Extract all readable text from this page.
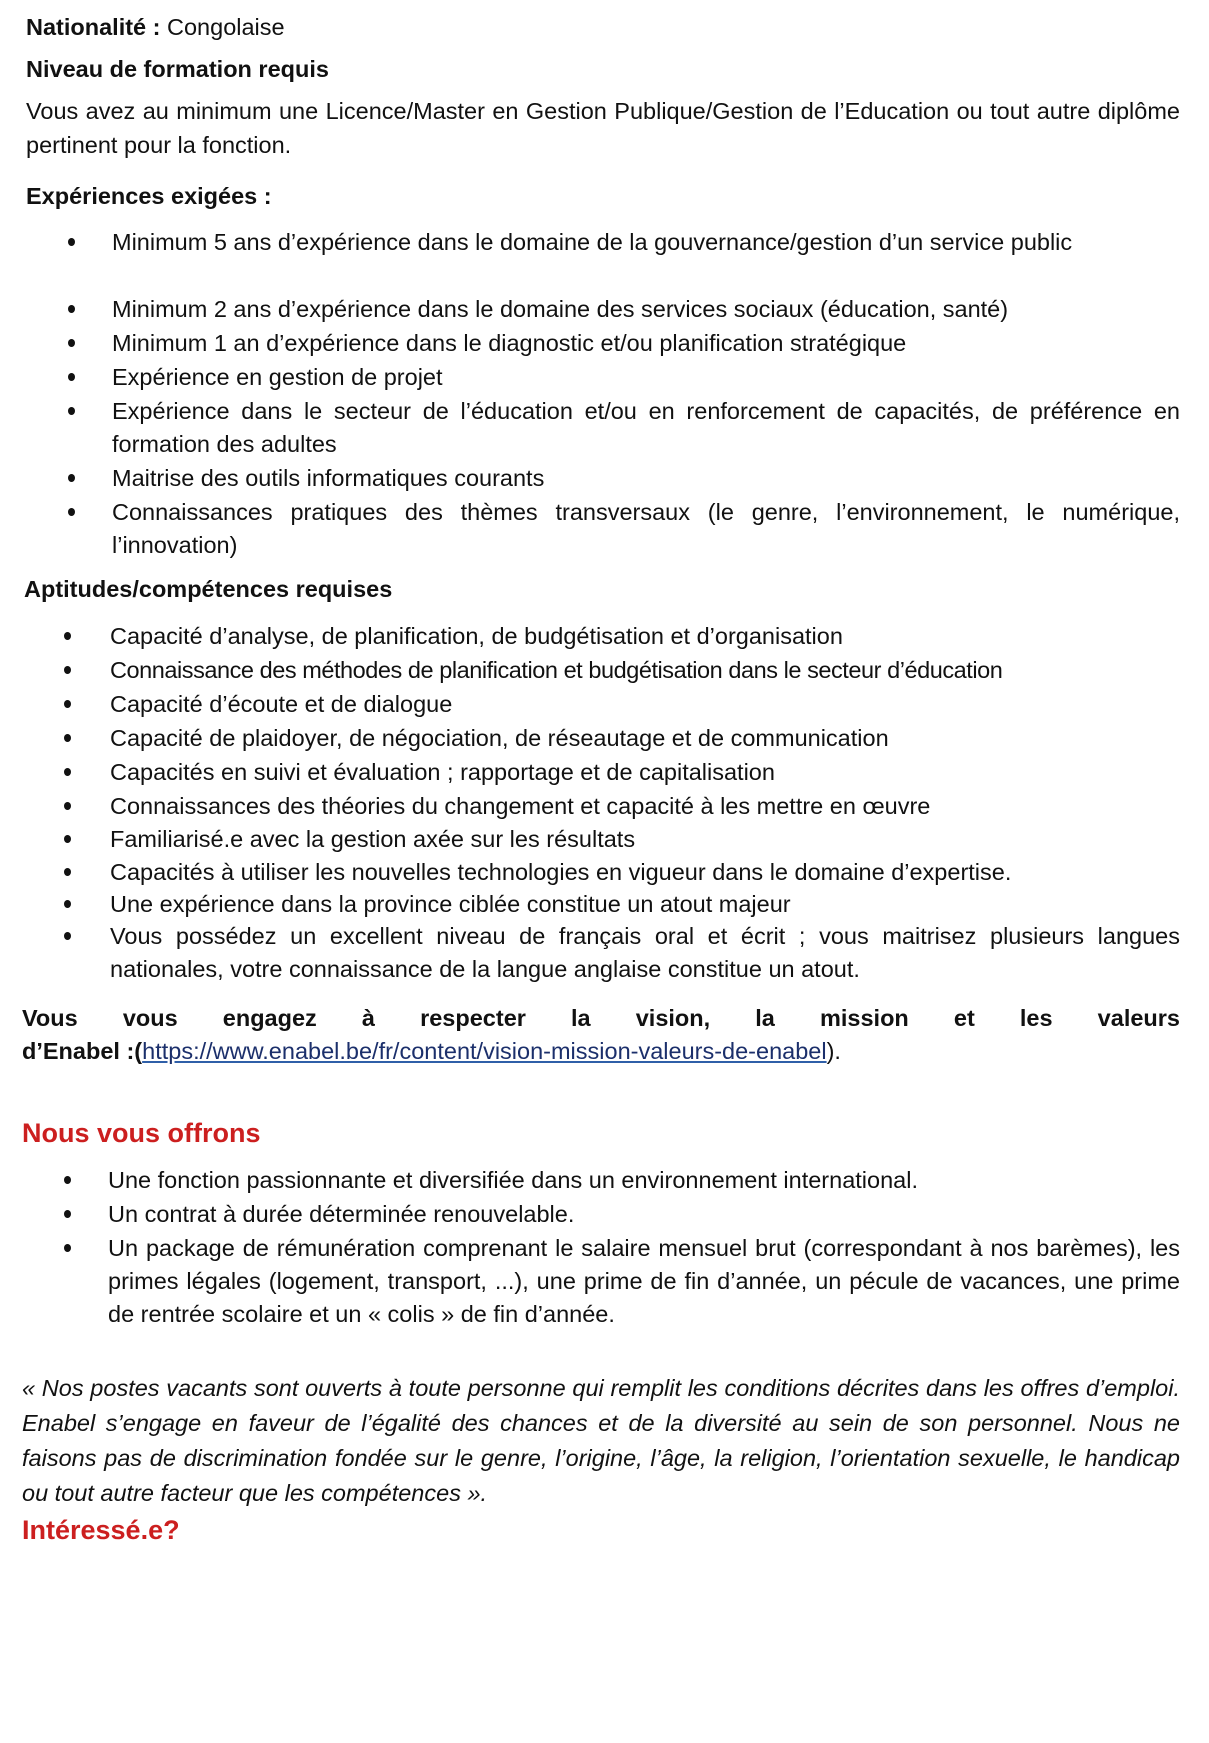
Nationalité : Congolaise
Niveau de formation requis
Vous avez au minimum une Licence/Master en Gestion Publique/Gestion de l’Education ou tout autre diplôme pertinent pour la fonction.
Expériences exigées :
Minimum 5 ans d’expérience dans le domaine de la gouvernance/gestion d’un service public
Minimum 2 ans d’expérience dans le domaine des services sociaux (éducation, santé)
Minimum 1 an d’expérience dans le diagnostic et/ou planification stratégique
Expérience en gestion de projet
Expérience dans le secteur de l’éducation et/ou en renforcement de capacités, de préférence en formation des adultes
Maitrise des outils informatiques courants
Connaissances pratiques des thèmes transversaux (le genre, l’environnement, le numérique, l’innovation)
Aptitudes/compétences requises
Capacité d’analyse, de planification, de budgétisation et d’organisation
Connaissance des méthodes de planification et budgétisation dans le secteur d’éducation
Capacité d’écoute et de dialogue
Capacité de plaidoyer, de négociation, de réseautage et de communication
Capacités en suivi et évaluation ; rapportage et de capitalisation
Connaissances des théories du changement et capacité à les mettre en œuvre
Familiarisé.e avec la gestion axée sur les résultats
Capacités à utiliser les nouvelles technologies en vigueur dans le domaine d’expertise.
Une expérience dans la province ciblée constitue un atout majeur
Vous possédez un excellent niveau de français oral et écrit ; vous maitrisez plusieurs langues nationales, votre connaissance de la langue anglaise constitue un atout.
Vous vous engagez à respecter la vision, la mission et les valeurs
d’Enabel :(https://www.enabel.be/fr/content/vision-mission-valeurs-de-enabel).
Nous vous offrons
Une fonction passionnante et diversifiée dans un environnement international.
Un contrat à durée déterminée renouvelable.
Un package de rémunération comprenant le salaire mensuel brut (correspondant à nos barèmes), les primes légales (logement, transport, ...), une prime de fin d’année, un pécule de vacances, une prime de rentrée scolaire et un « colis » de fin d’année.
« Nos postes vacants sont ouverts à toute personne qui remplit les conditions décrites dans les offres d’emploi. Enabel s’engage en faveur de l’égalité des chances et de la diversité au sein de son personnel. Nous ne faisons pas de discrimination fondée sur le genre, l’origine, l’âge, la religion, l’orientation sexuelle, le handicap ou tout autre facteur que les compétences ».
Intéressé.e?
